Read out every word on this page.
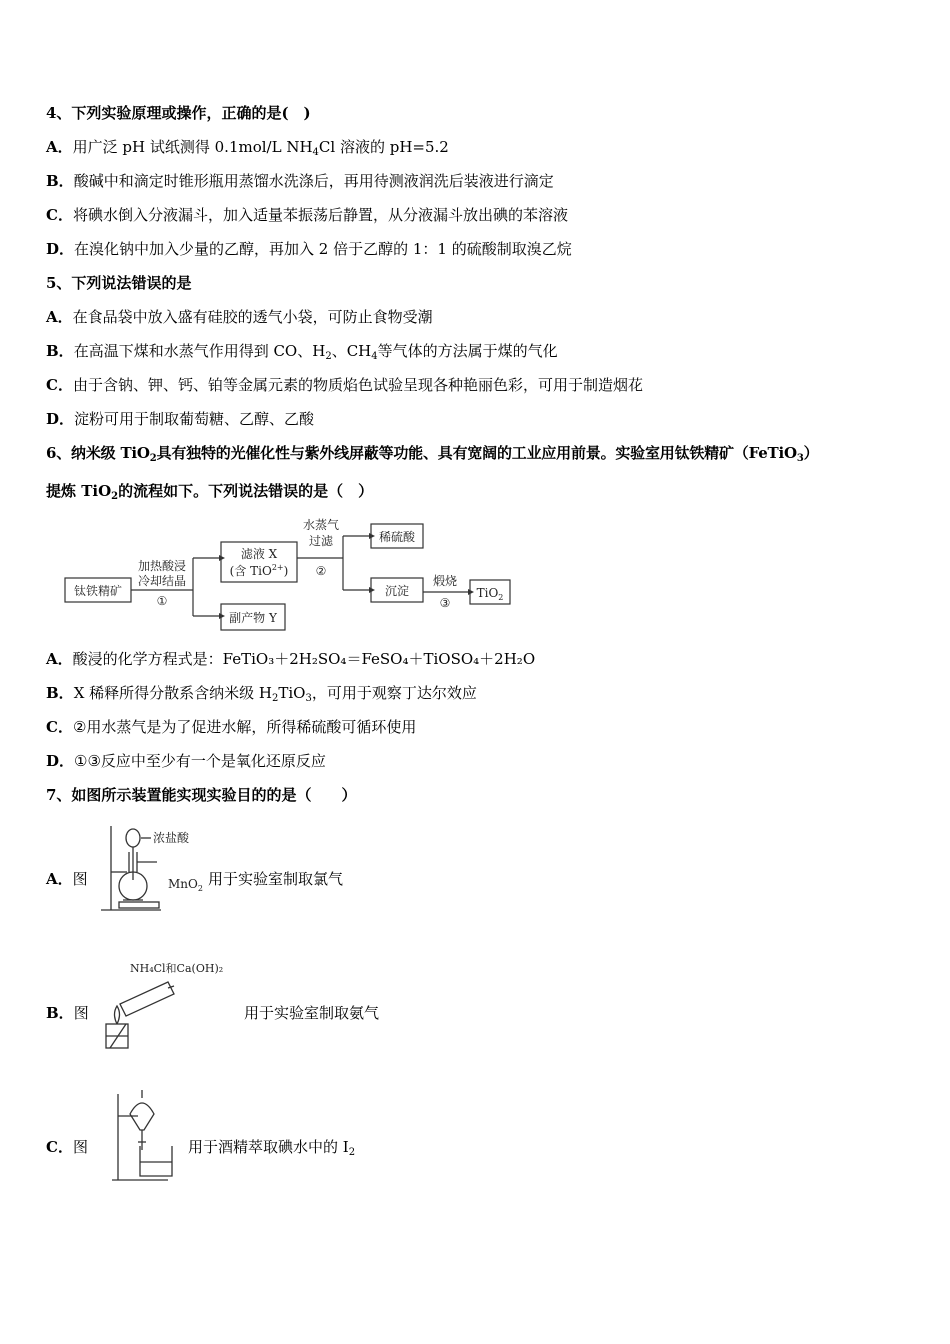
4、下列实验原理或操作，正确的是(　)
A．用广泛 pH 试纸测得 0.1mol/L $NH_4Cl$ 溶液的 pH=5.2
B．酸碱中和滴定时锥形瓶用蒸馏水洗涤后，再用待测液润洗后装液进行滴定
C．将碘水倒入分液漏斗，加入适量苯振荡后静置，从分液漏斗放出碘的苯溶液
D．在溴化钠中加入少量的乙醇，再加入 2 倍于乙醇的 1：1 的硫酸制取溴乙烷
5、下列说法错误的是
A．在食品袋中放入盛有硅胶的透气小袋，可防止食物受潮
B．在高温下煤和水蒸气作用得到 CO、$H_2$、$CH_4$等气体的方法属于煤的气化
C．由于含钠、钾、钙、铂等金属元素的物质焰色试验呈现各种艳丽色彩，可用于制造烟花
D．淀粉可用于制取葡萄糖、乙醇、乙酸
6、纳米级 TiO$_2$具有独特的光催化性与紫外线屏蔽等功能、具有宽阔的工业应用前景。实验室用钛铁精矿（FeTiO$_3$）
提炼 TiO$_2$的流程如下。下列说法错误的是（　）
钛铁精矿
加热酸浸
冷却结晶
①
滤液 X
(含 TiO$^{2+}$)
副产物 Y
水蒸气
过滤
②
稀硫酸
沉淀
煅烧
③
TiO$_2$
A．酸浸的化学方程式是：FeTiO₃＋2H₂SO₄＝FeSO₄＋TiOSO₄＋2H₂O
B．X 稀释所得分散系含纳米级 $H_2TiO_3$，可用于观察丁达尔效应
C．②用水蒸气是为了促进水解，所得稀硫酸可循环使用
D．①③反应中至少有一个是氧化还原反应
7、如图所示装置能实现实验目的的是（　　）
A．图
浓盐酸
MnO$_2$
用于实验室制取氯气
B．图
NH₄Cl和Ca(OH)₂
用于实验室制取氨气
C．图	用于酒精萃取碘水中的 $I_2$
